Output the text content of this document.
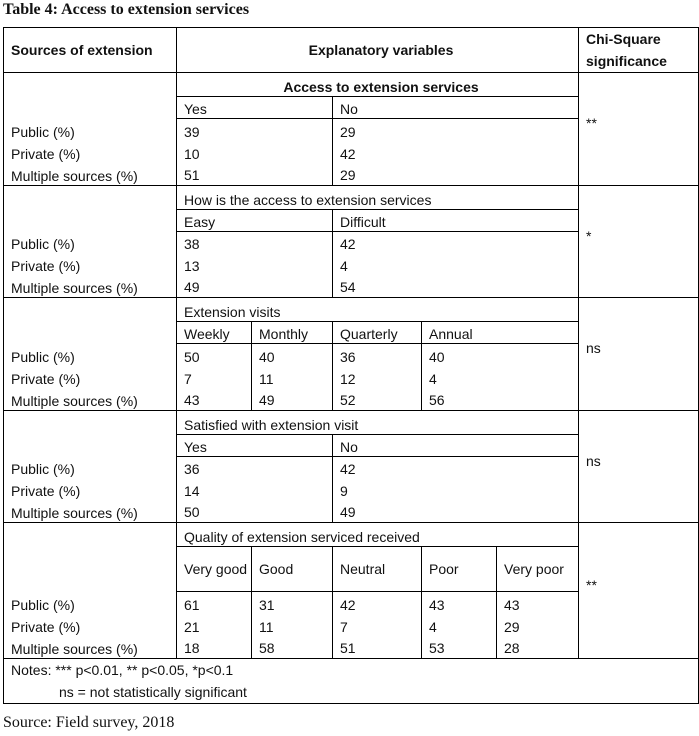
Table 4: Access to extension services
Sources of extension	Explanatory variables					Chi-Square significance
	Access to extension services					**
	Yes		No			
Public (%)	39		29			
Private (%)	10		42			
Multiple sources (%)	51		29			
	How is the access to extension services					*
	Easy		Difficult			
Public (%)	38		42			
Private (%)	13		4			
Multiple sources (%)	49		54			
	Extension visits					ns
	Weekly	Monthly	Quarterly	Annual		
Public (%)	50	40	36	40		
Private (%)	7	11	12	4		
Multiple sources (%)	43	49	52	56		
	Satisfied with extension visit					ns
	Yes		No			
Public (%)	36		42			
Private (%)	14		9			
Multiple sources (%)	50		49			
	Quality of extension serviced received					**
	Very good	Good	Neutral	Poor	Very poor	
Public (%)	61	31	42	43	43	
Private (%)	21	11	7	4	29	
Multiple sources (%)	18	58	51	53	28	

Notes: *** p<0.01, ** p<0.05, *p<0.1
ns = not statistically significant						
Source: Field survey, 2018
